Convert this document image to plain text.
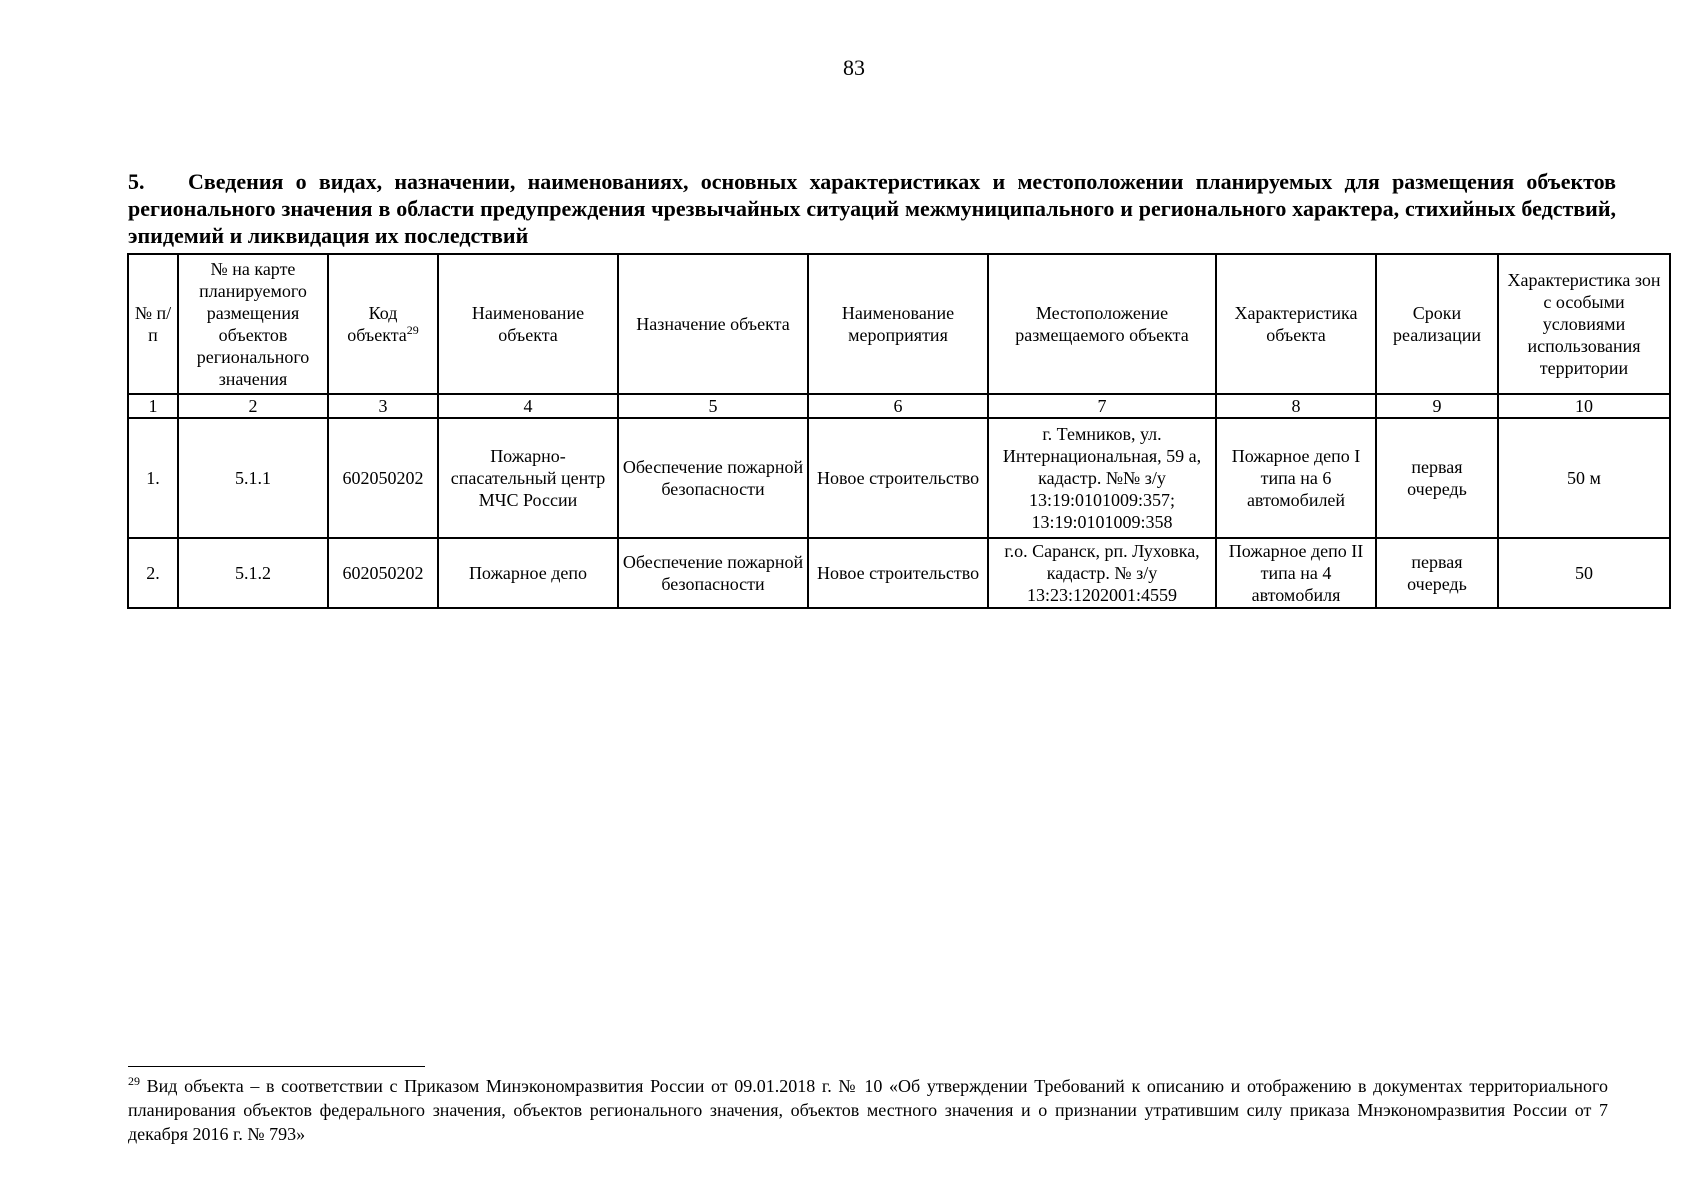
83

5. Сведения о видах, назначении, наименованиях, основных характеристиках и местоположении планируемых для размещения объектов регионального значения в области предупреждения чрезвычайных ситуаций межмуниципального и регионального характера, стихийных бедствий, эпидемий и ликвидация их последствий

№ п/п	№ на карте планируемого размещения объектов регионального значения	Код объекта$^{29}$	Наименование объекта	Назначение объекта	Наименование мероприятия	Местоположение размещаемого объекта	Характеристика объекта	Сроки реализации	Характеристика зон с особыми условиями использования территории
1	2	3	4	5	6	7	8	9	10
1.	5.1.1	602050202	Пожарно-спасательный центр МЧС России	Обеспечение пожарной безопасности	Новое строительство	г. Темников, ул. Интернациональная, 59 а, кадастр. №№ з/у 13:19:0101009:357; 13:19:0101009:358	Пожарное депо I типа на 6 автомобилей	первая очередь	50 м
2.	5.1.2	602050202	Пожарное депо	Обеспечение пожарной безопасности	Новое строительство	г.о. Саранск, рп. Луховка, кадастр. № з/у 13:23:1202001:4559	Пожарное депо II типа на 4 автомобиля	первая очередь	50

$^{29}$ Вид объекта – в соответствии с Приказом Минэкономразвития России от 09.01.2018 г. № 10 «Об утверждении Требований к описанию и отображению в документах территориального планирования объектов федерального значения, объектов регионального значения, объектов местного значения и о признании утратившим силу приказа Мнэкономразвития России от 7 декабря 2016 г. № 793»
